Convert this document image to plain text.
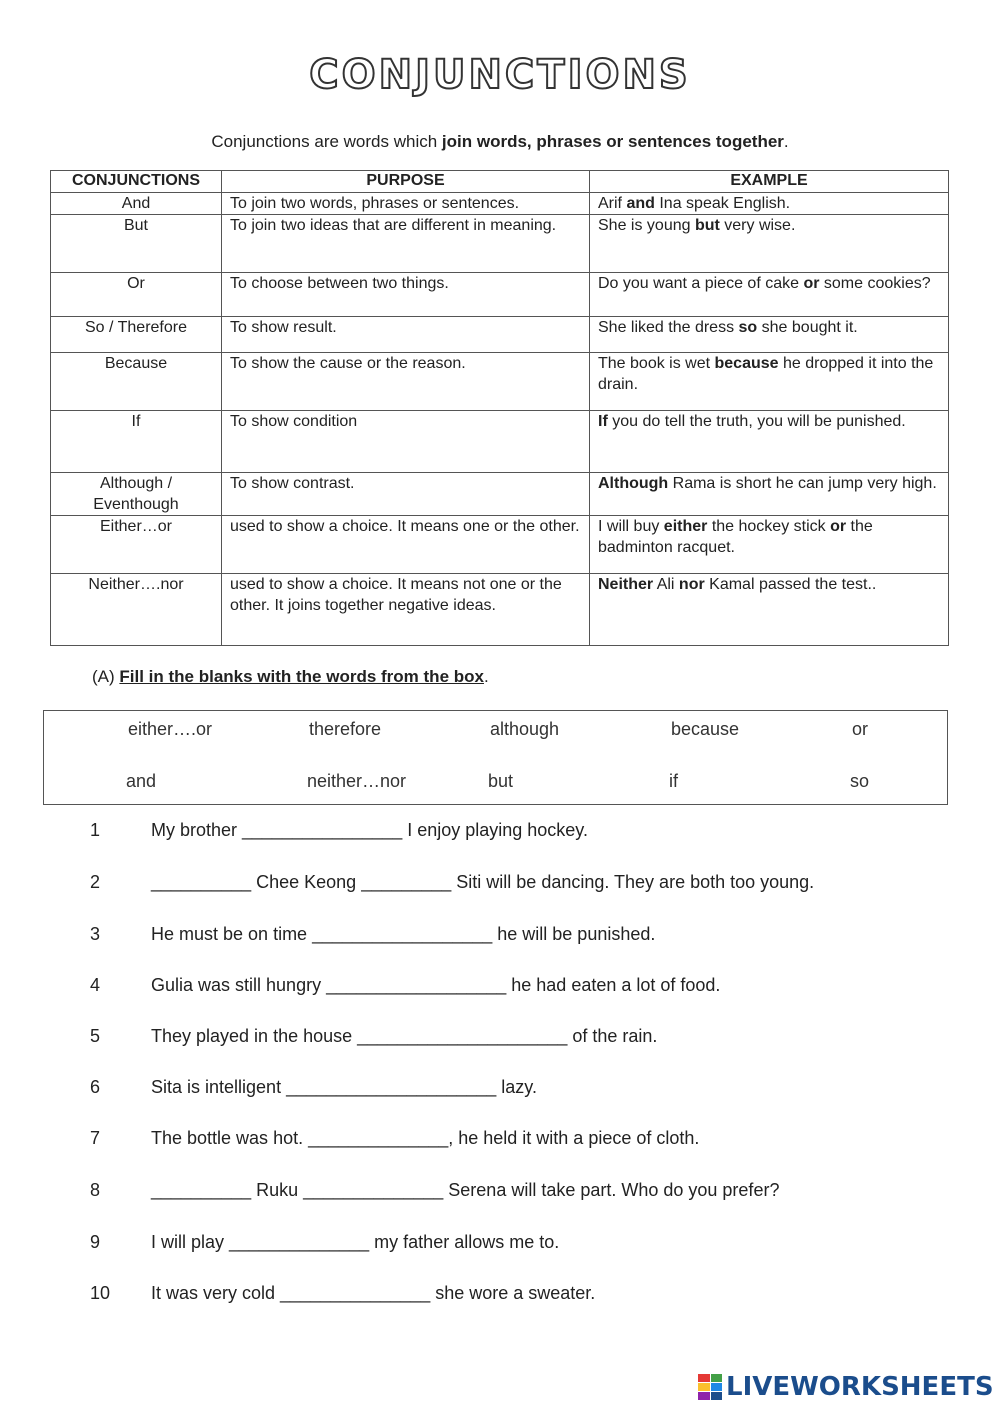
CONJUNCTIONS
Conjunctions are words which join words, phrases or sentences together.
CONJUNCTIONS	PURPOSE	EXAMPLE
And	To join two words, phrases or sentences.	Arif and Ina speak English.
But	To join two ideas that are different in meaning.	She is young but very wise.
Or	To choose between two things.	Do you want a piece of cake or some cookies?
So / Therefore	To show result.	She liked the dress so she bought it.
Because	To show the cause or the reason.	The book is wet because he dropped it into the drain.
If	To show condition	If you do tell the truth, you will be punished.
Although / Eventhough	To show contrast.	Although Rama is short he can jump very high.
Either…or	used to show a choice. It means one or the other.	I will buy either the hockey stick or the badminton racquet.
Neither….nor	used to show a choice. It means not one or the other. It joins together negative ideas.	Neither Ali nor Kamal passed the test..
(A) Fill in the blanks with the words from the box.
either….or	therefore	although	because	or
and	neither…nor	but	if	so
1	My brother ________________ I enjoy playing hockey.
2	__________ Chee Keong _________ Siti will be dancing. They are both too young.
3	He must be on time __________________ he will be punished.
4	Gulia was still hungry __________________ he had eaten a lot of food.
5	They played in the house _____________________ of the rain.
6	Sita is intelligent _____________________ lazy.
7	The bottle was hot. ______________, he held it with a piece of cloth.
8	__________ Ruku ______________ Serena will take part. Who do you prefer?
9	I will play ______________ my father allows me to.
10	It was very cold _______________ she wore a sweater.
LIVEWORKSHEETS
